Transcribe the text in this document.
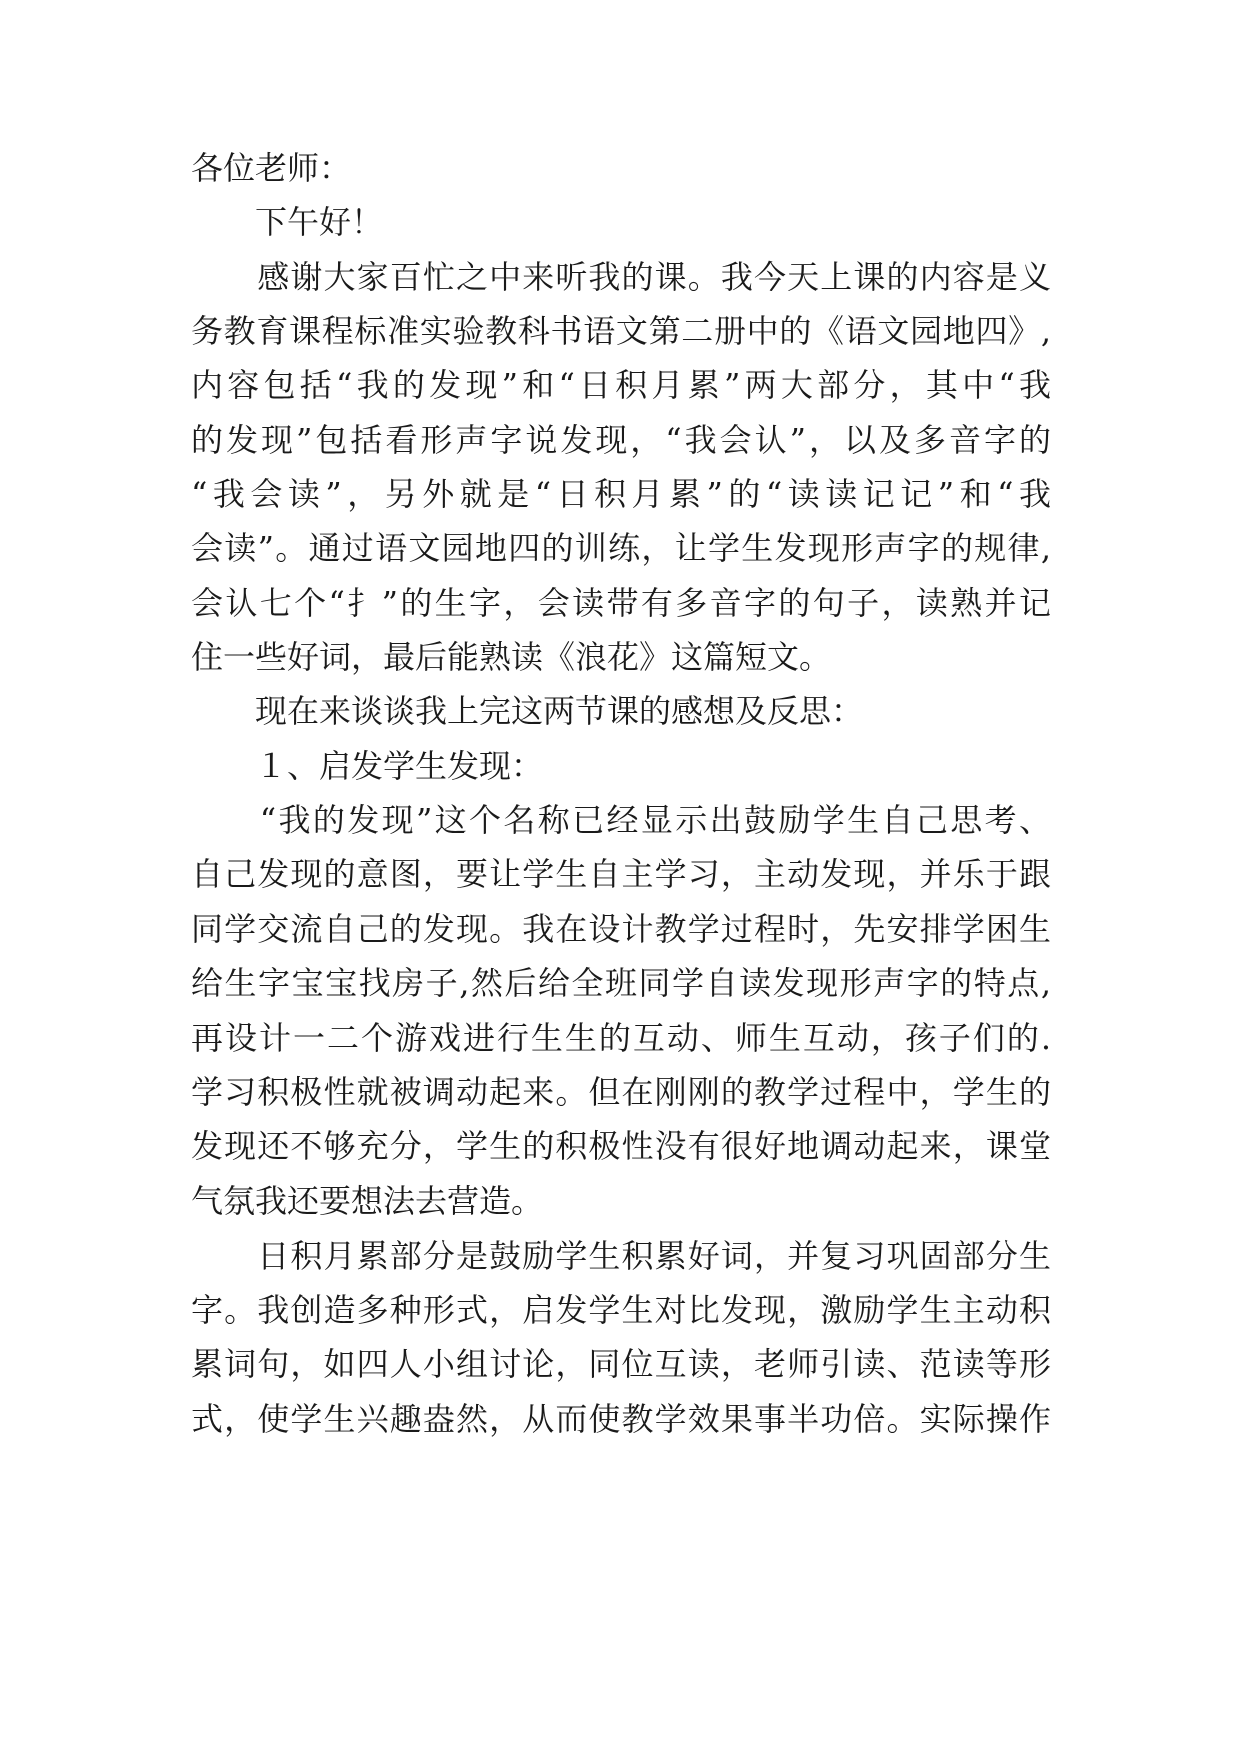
各位老师：

　　下午好！

　　感谢大家百忙之中来听我的课。我今天上课的内容是义

务教育课程标准实验教科书语文第二册中的《语文园地四》,

内容包括“我的发现”和“日积月累”两大部分，其中“我

的发现”包括看形声字说发现，“我会认”，以及多音字的

“我会读”，另外就是“日积月累”的“读读记记”和“我

会读”。通过语文园地四的训练，让学生发现形声字的规律,

会认七个“扌”的生字，会读带有多音字的句子，读熟并记

住一些好词，最后能熟读《浪花》这篇短文。

　　现在来谈谈我上完这两节课的感想及反思：

　　１、启发学生发现：

　　“我的发现”这个名称已经显示出鼓励学生自己思考、

自己发现的意图，要让学生自主学习，主动发现，并乐于跟

同学交流自己的发现。我在设计教学过程时，先安排学困生

给生字宝宝找房子,然后给全班同学自读发现形声字的特点,

再设计一二个游戏进行生生的互动、师生互动，孩子们的.

学习积极性就被调动起来。但在刚刚的教学过程中，学生的

发现还不够充分，学生的积极性没有很好地调动起来，课堂

气氛我还要想法去营造。

　　日积月累部分是鼓励学生积累好词，并复习巩固部分生

字。我创造多种形式，启发学生对比发现，激励学生主动积

累词句，如四人小组讨论，同位互读，老师引读、范读等形

式，使学生兴趣盎然，从而使教学效果事半功倍。实际操作
